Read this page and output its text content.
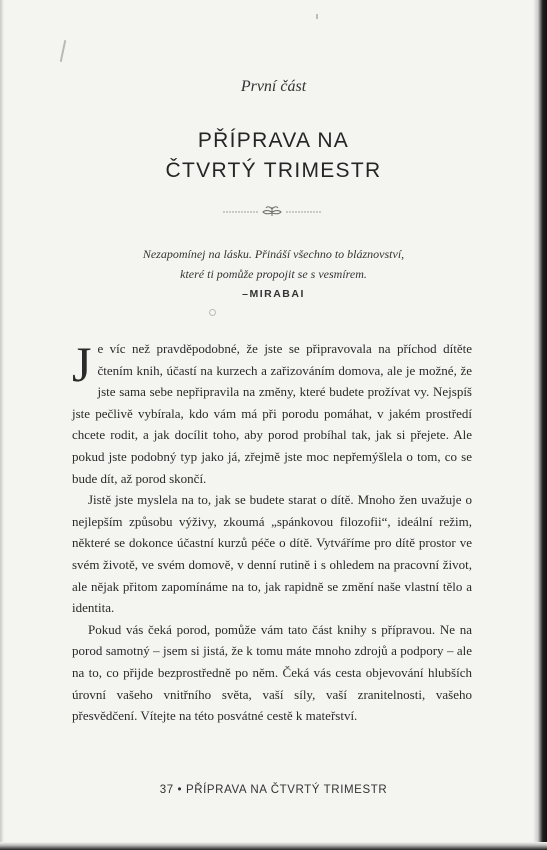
První část
PŘÍPRAVA NA
ČTVRTÝ TRIMESTR
Nezapomínej na lásku. Přináší všechno to bláznovství,
které ti pomůže propojit se s vesmírem.
–MIRABAI

Je víc než pravděpodobné, že jste se připravovala na příchod dítěte čtením knih, účastí na kurzech a zařizováním domova, ale je možné, že jste sama sebe nepřipravila na změny, které budete prožívat vy. Nejspíš jste pečlivě vybírala, kdo vám má při porodu pomáhat, v jakém prostředí chcete rodit, a jak docílit toho, aby porod probíhal tak, jak si přejete. Ale pokud jste podobný typ jako já, zřejmě jste moc nepřemýšlela o tom, co se bude dít, až porod skončí.

Jistě jste myslela na to, jak se budete starat o dítě. Mnoho žen uvažuje o nejlepším způsobu výživy, zkoumá „spánkovou filozofii“, ideální režim, některé se dokonce účastní kurzů péče o dítě. Vytváříme pro dítě prostor ve svém životě, ve svém domově, v denní rutině i s ohledem na pracovní život, ale nějak přitom zapomínáme na to, jak rapidně se změní naše vlastní tělo a identita.

Pokud vás čeká porod, pomůže vám tato část knihy s přípravou. Ne na porod samotný – jsem si jistá, že k tomu máte mnoho zdrojů a podpory – ale na to, co přijde bezprostředně po něm. Čeká vás cesta objevování hlubších úrovní vašeho vnitřního světa, vaší síly, vaší zranitelnosti, vašeho přesvědčení. Vítejte na této posvátné cestě k mateřství.

37 • PŘÍPRAVA NA ČTVRTÝ TRIMESTR
